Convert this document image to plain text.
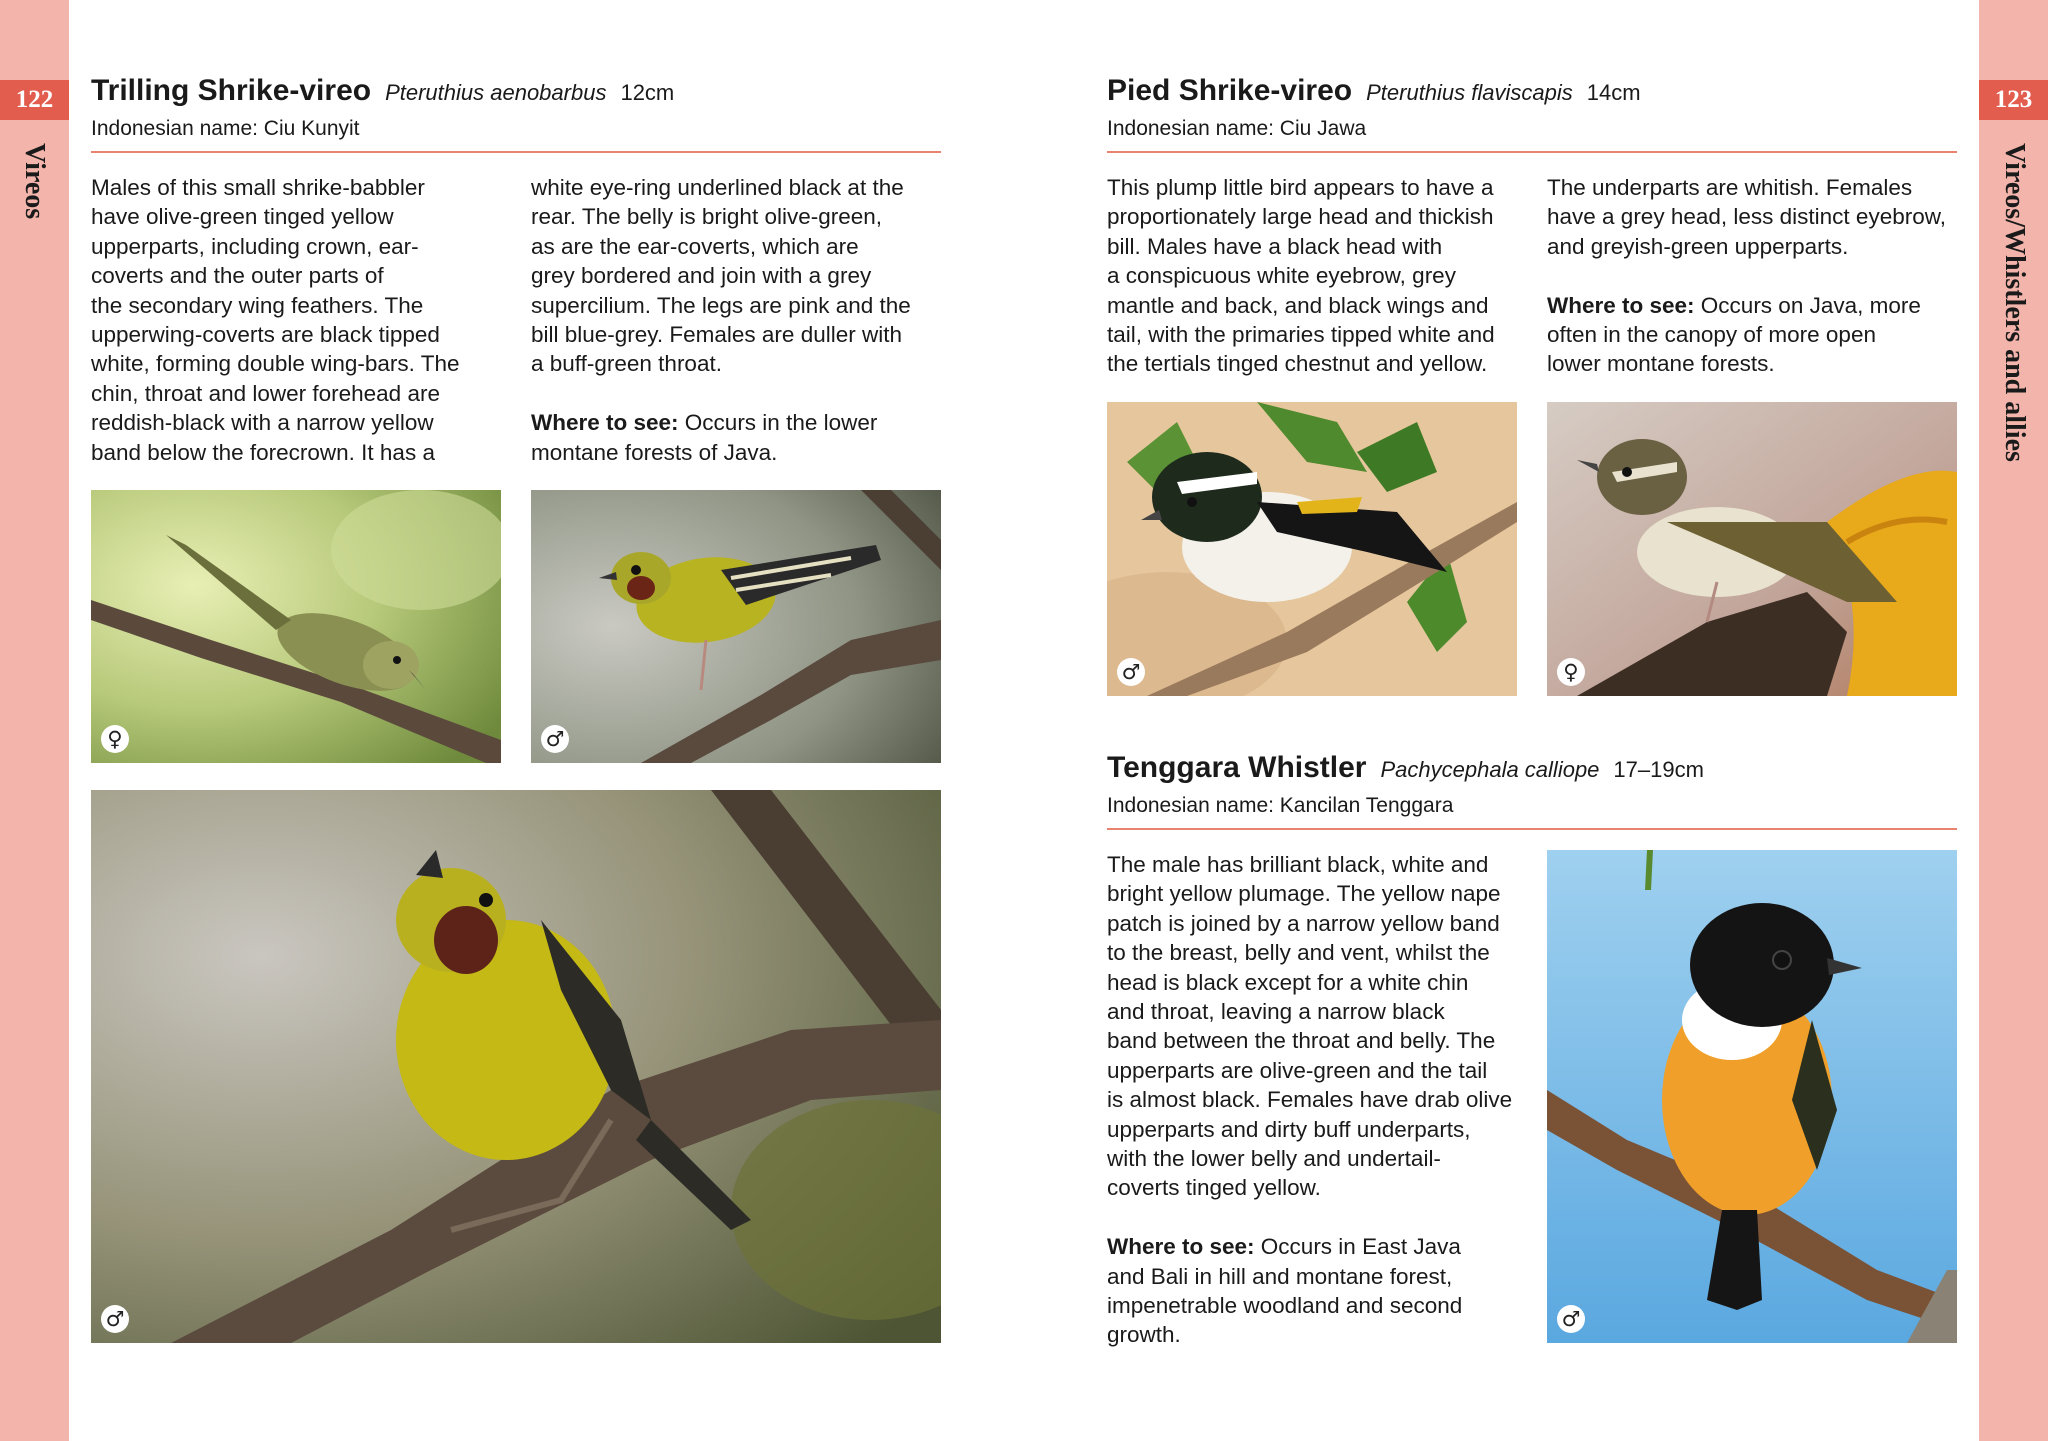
122
Vireos
123
Vireos/Whistlers and allies
Trilling Shrike-vireo Pteruthius aenobarbus 12cm
Indonesian name: Ciu Kunyit

Males of this small shrike-babbler

have olive-green tinged yellow

upperparts, including crown, ear-

coverts and the outer parts of

the secondary wing feathers. The

upperwing-coverts are black tipped

white, forming double wing-bars. The

chin, throat and lower forehead are

reddish-black with a narrow yellow

band below the forecrown. It has a

white eye-ring underlined black at the

rear. The belly is bright olive-green,

as are the ear-coverts, which are

grey bordered and join with a grey

supercilium. The legs are pink and the

bill blue-grey. Females are duller with

a buff-green throat.

Where to see: Occurs in the lower

montane forests of Java.

♀	♂
♂
Pied Shrike-vireo Pteruthius flaviscapis 14cm
Indonesian name: Ciu Jawa

This plump little bird appears to have a

proportionately large head and thickish

bill. Males have a black head with

a conspicuous white eyebrow, grey

mantle and back, and black wings and

tail, with the primaries tipped white and

the tertials tinged chestnut and yellow.

The underparts are whitish. Females

have a grey head, less distinct eyebrow,

and greyish-green upperparts.

Where to see: Occurs on Java, more

often in the canopy of more open

lower montane forests.

♂	♀
Tenggara Whistler Pachycephala calliope 17–19cm
Indonesian name: Kancilan Tenggara

The male has brilliant black, white and

bright yellow plumage. The yellow nape

patch is joined by a narrow yellow band

to the breast, belly and vent, whilst the

head is black except for a white chin

and throat, leaving a narrow black

band between the throat and belly. The

upperparts are olive-green and the tail

is almost black. Females have drab olive

upperparts and dirty buff underparts,

with the lower belly and undertail-

coverts tinged yellow.

Where to see: Occurs in East Java

and Bali in hill and montane forest,

impenetrable woodland and second

growth.

♂
